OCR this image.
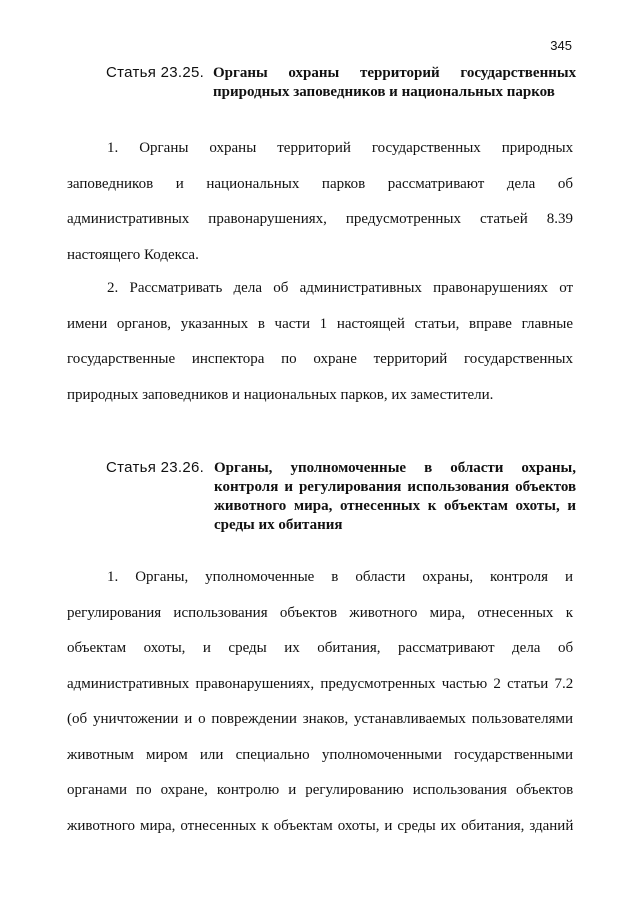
345
Статья 23.25. Органы охраны территорий государственных
природных заповедников и национальных парков
1. Органы охраны территорий государственных природных
заповедников и национальных парков рассматривают дела об
административных правонарушениях, предусмотренных статьей 8.39
настоящего Кодекса.
2. Рассматривать дела об административных правонарушениях от
имени органов, указанных в части 1 настоящей статьи, вправе главные
государственные инспектора по охране территорий государственных
природных заповедников и национальных парков, их заместители.
Статья 23.26. Органы, уполномоченные в области охраны,
контроля и регулирования использования объектов
животного мира, отнесенных к объектам охоты, и
среды их обитания
1. Органы, уполномоченные в области охраны, контроля и
регулирования использования объектов животного мира, отнесенных к
объектам охоты, и среды их обитания, рассматривают дела об
административных правонарушениях, предусмотренных частью 2 статьи 7.2
(об уничтожении и о повреждении знаков, устанавливаемых пользователями
животным миром или специально уполномоченными государственными
органами по охране, контролю и регулированию использования объектов
животного мира, отнесенных к объектам охоты, и среды их обитания, зданий
